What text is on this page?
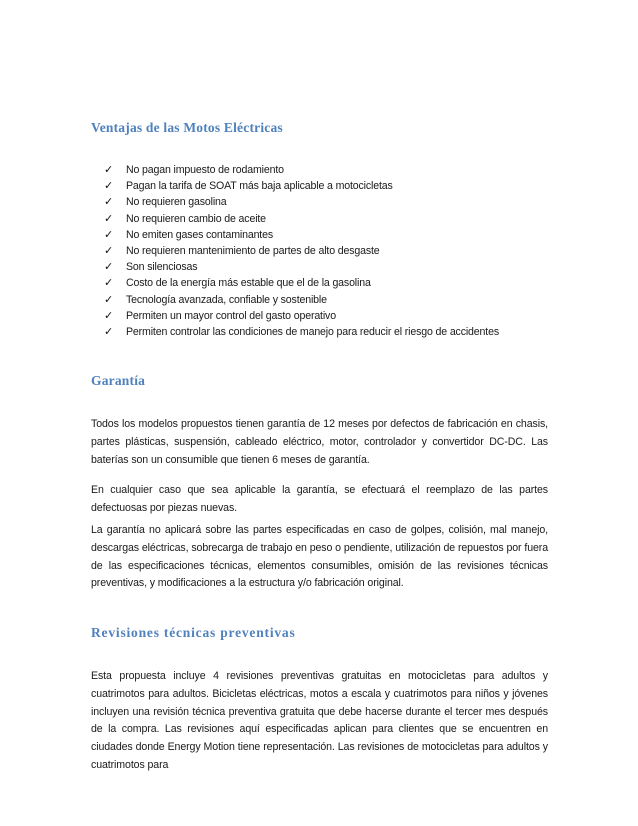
Ventajas de las Motos Eléctricas
✓	No pagan impuesto de rodamiento
✓	Pagan la tarifa de SOAT más baja aplicable a motocicletas
✓	No requieren gasolina
✓	No requieren cambio de aceite
✓	No emiten gases contaminantes
✓	No requieren mantenimiento de partes de alto desgaste
✓	Son silenciosas
✓	Costo de la energía más estable que el de la gasolina
✓	Tecnología avanzada, confiable y sostenible
✓	Permiten un mayor control del gasto operativo
✓	Permiten controlar las condiciones de manejo para reducir el riesgo de accidentes
Garantía

Todos los modelos propuestos tienen garantía de 12 meses por defectos de fabricación en chasis, partes plásticas, suspensión, cableado eléctrico, motor, controlador y convertidor DC-DC. Las baterías son un consumible que tienen 6 meses de garantía.

En cualquier caso que sea aplicable la garantía, se efectuará el reemplazo de las partes defectuosas por piezas nuevas.

La garantía no aplicará sobre las partes especificadas en caso de golpes, colisión, mal manejo, descargas eléctricas, sobrecarga de trabajo en peso o pendiente, utilización de repuestos por fuera de las especificaciones técnicas, elementos consumibles, omisión de las revisiones técnicas preventivas, y modificaciones a la estructura y/o fabricación original.

Revisiones técnicas preventivas

Esta propuesta incluye 4 revisiones preventivas gratuitas en motocicletas para adultos y cuatrimotos para adultos. Bicicletas eléctricas, motos a escala y cuatrimotos para niños y jóvenes incluyen una revisión técnica preventiva gratuita que debe hacerse durante el tercer mes después de la compra. Las revisiones aquí especificadas aplican para clientes que se encuentren en ciudades donde Energy Motion tiene representación. Las revisiones de motocicletas para adultos y cuatrimotos para
